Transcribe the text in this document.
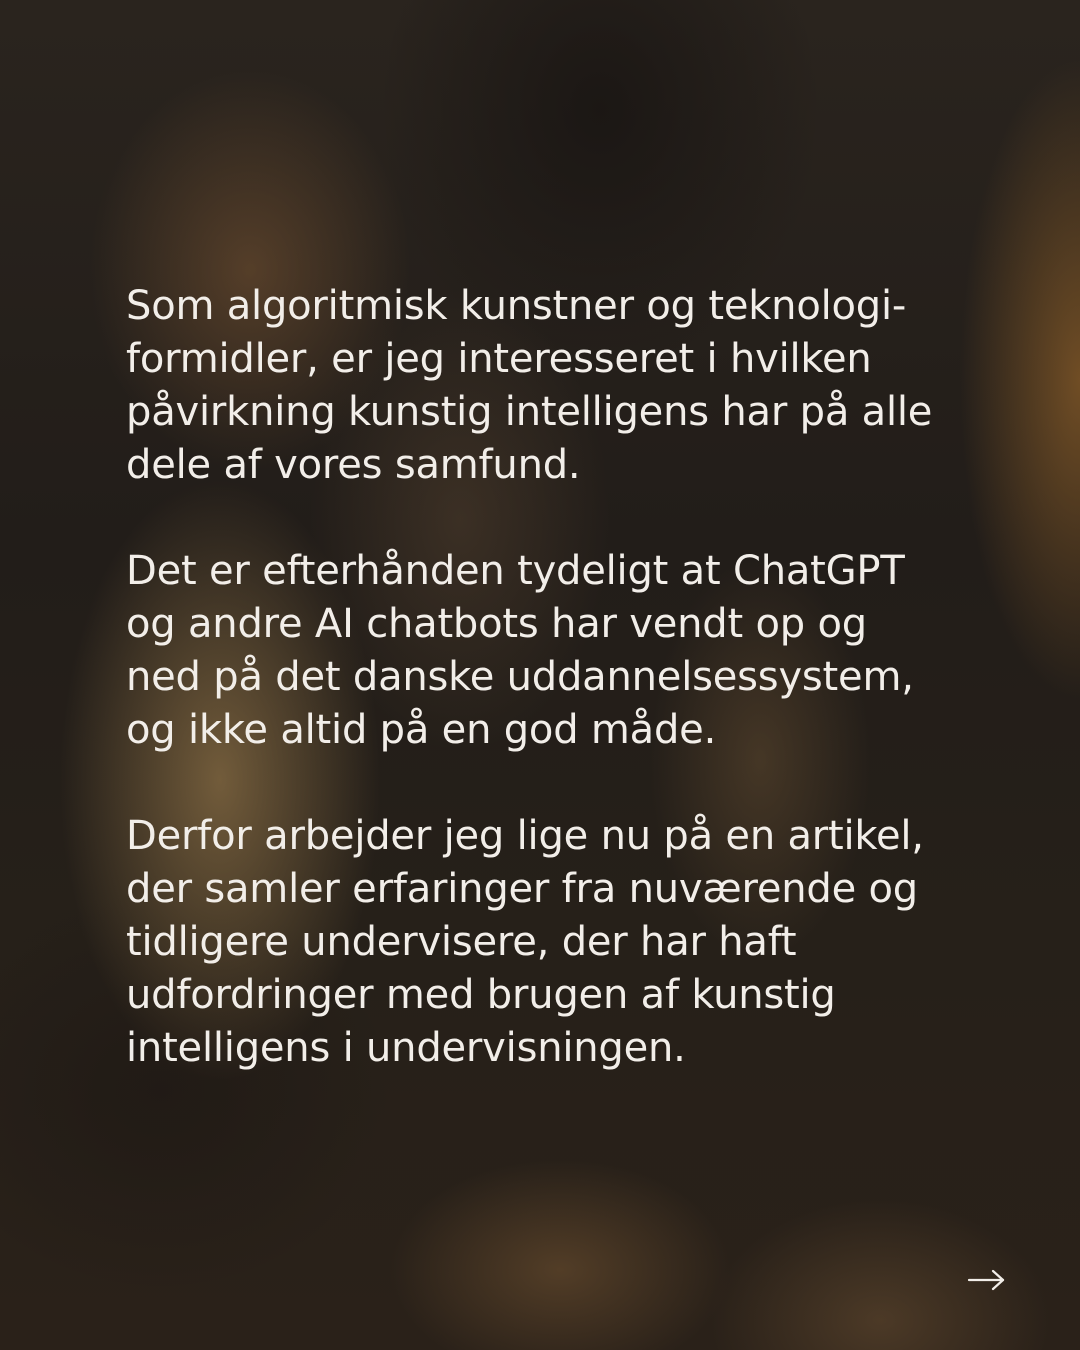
Som algoritmisk kunstner og teknologi-
formidler, er jeg interesseret i hvilken
påvirkning kunstig intelligens har på alle
dele af vores samfund.

Det er efterhånden tydeligt at ChatGPT
og andre AI chatbots har vendt op og
ned på det danske uddannelsessystem,
og ikke altid på en god måde.

Derfor arbejder jeg lige nu på en artikel,
der samler erfaringer fra nuværende og
tidligere undervisere, der har haft
udfordringer med brugen af kunstig
intelligens i undervisningen.
